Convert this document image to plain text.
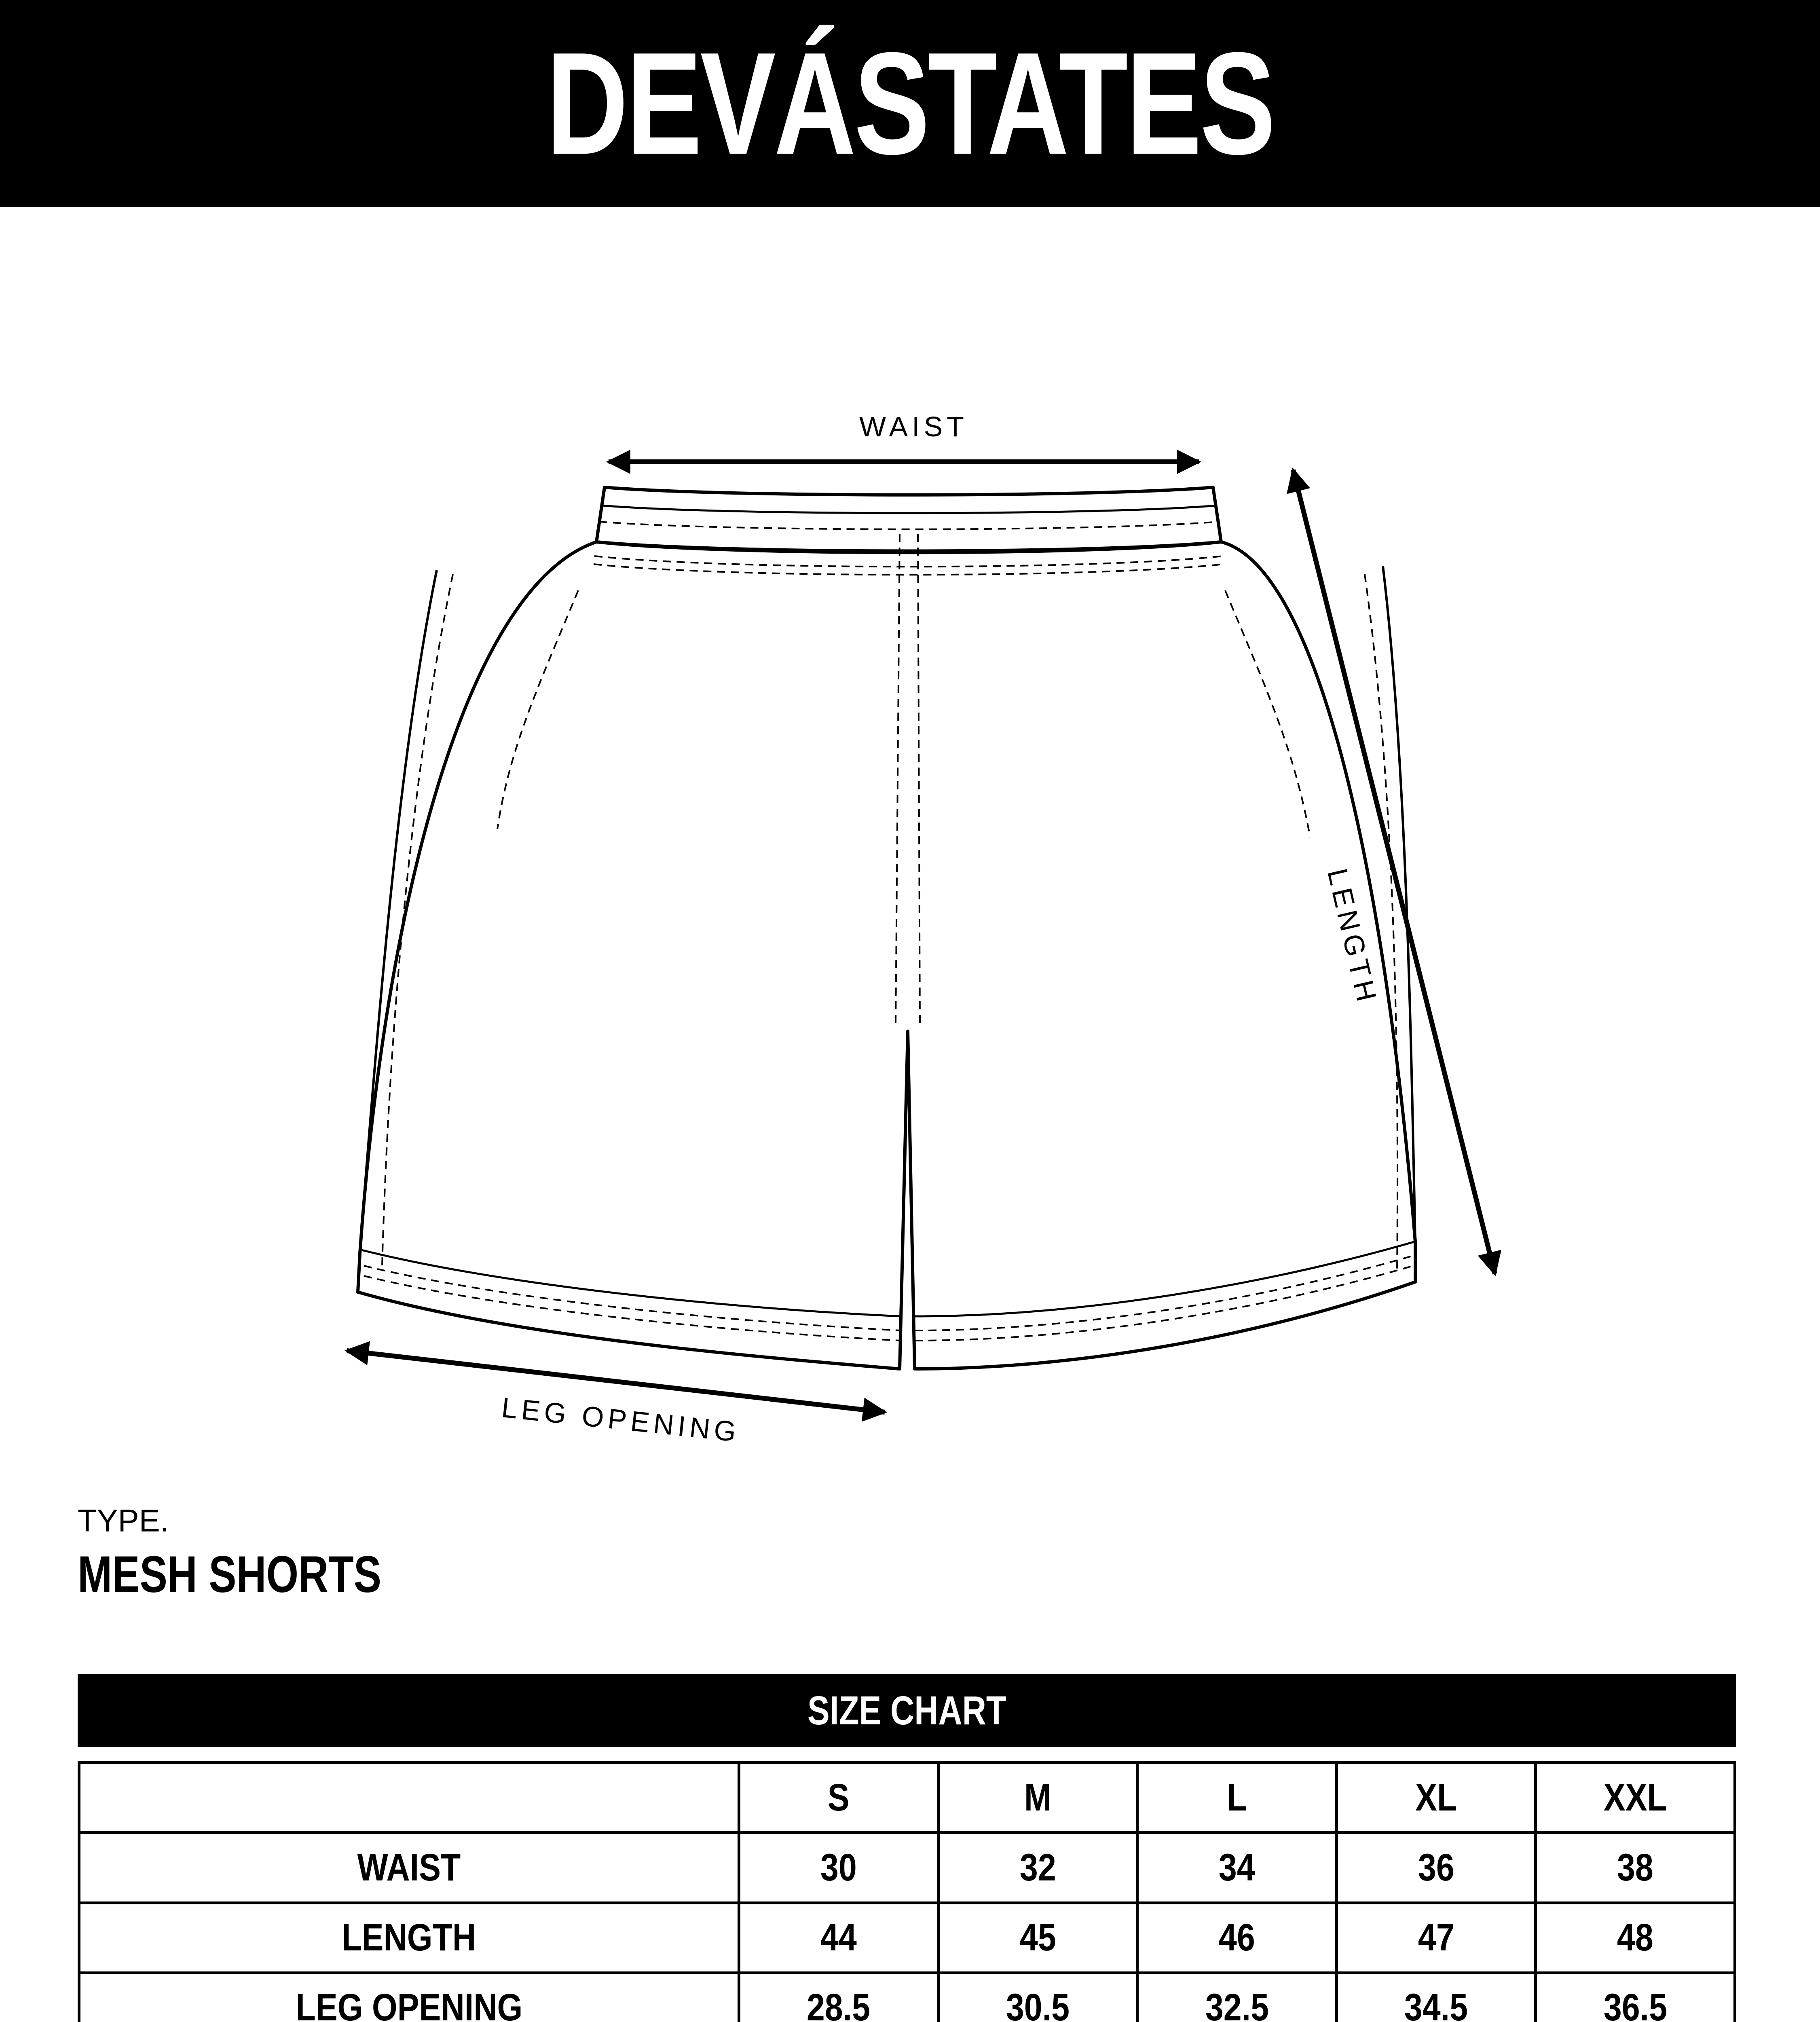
DEVÁSTATES
WAIST
LENGTH
LEG OPENING
TYPE.
MESH SHORTS
SIZE CHART
	S	M	L	XL	XXL
WAIST	30	32	34	36	38
LENGTH	44	45	46	47	48
LEG OPENING	28.5	30.5	32.5	34.5	36.5
